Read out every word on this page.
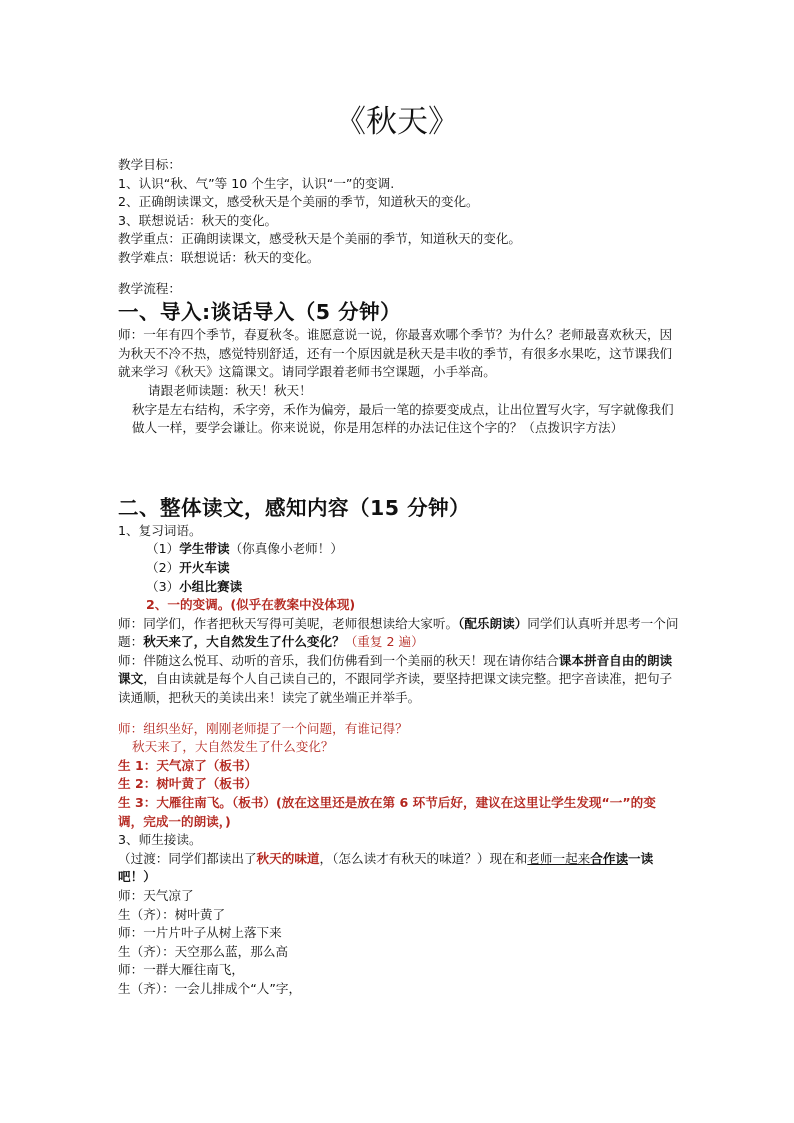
《秋天》

教学目标：

1、认识“秋、气”等 10 个生字，认识“一”的变调.

2、正确朗读课文，感受秋天是个美丽的季节，知道秋天的变化。

3、联想说话：秋天的变化。

教学重点：正确朗读课文，感受秋天是个美丽的季节，知道秋天的变化。

教学难点：联想说话：秋天的变化。

教学流程：

一、导入:谈话导入（5 分钟）

师：一年有四个季节，春夏秋冬。谁愿意说一说，你最喜欢哪个季节？为什么？老师最喜欢秋天，因为秋天不冷不热，感觉特别舒适，还有一个原因就是秋天是丰收的季节，有很多水果吃，这节课我们就来学习《秋天》这篇课文。请同学跟着老师书空课题，小手举高。

请跟老师读题：秋天！秋天！

秋字是左右结构，禾字旁，禾作为偏旁，最后一笔的捺要变成点，让出位置写火字，写字就像我们做人一样，要学会谦让。你来说说，你是用怎样的办法记住这个字的？（点拨识字方法）

二、整体读文，感知内容（15 分钟）

1、复习词语。

（1）学生带读（你真像小老师！）

（2）开火车读

（3）小组比赛读

2、一的变调。(似乎在教案中没体现)

师：同学们，作者把秋天写得可美呢，老师很想读给大家听。（配乐朗读）同学们认真听并思考一个问题：秋天来了，大自然发生了什么变化？（重复 2 遍）

师：伴随这么悦耳、动听的音乐，我们仿佛看到一个美丽的秋天！现在请你结合课本拼音自由的朗读课文，自由读就是每个人自己读自己的，不跟同学齐读，要坚持把课文读完整。把字音读准，把句子读通顺，把秋天的美读出来！读完了就坐端正并举手。

师：组织坐好，刚刚老师提了一个问题，有谁记得？

秋天来了，大自然发生了什么变化？

生 1：天气凉了（板书）

生 2：树叶黄了（板书）

生 3：大雁往南飞。（板书）(放在这里还是放在第 6 环节后好，建议在这里让学生发现“一”的变调，完成一的朗读，)

3、师生接读。

（过渡：同学们都读出了秋天的味道，（怎么读才有秋天的味道？）现在和老师一起来合作读一读吧！）

师：天气凉了

生（齐）：树叶黄了

师：一片片叶子从树上落下来

生（齐）：天空那么蓝，那么高

师：一群大雁往南飞，

生（齐）：一会儿排成个“人”字，
